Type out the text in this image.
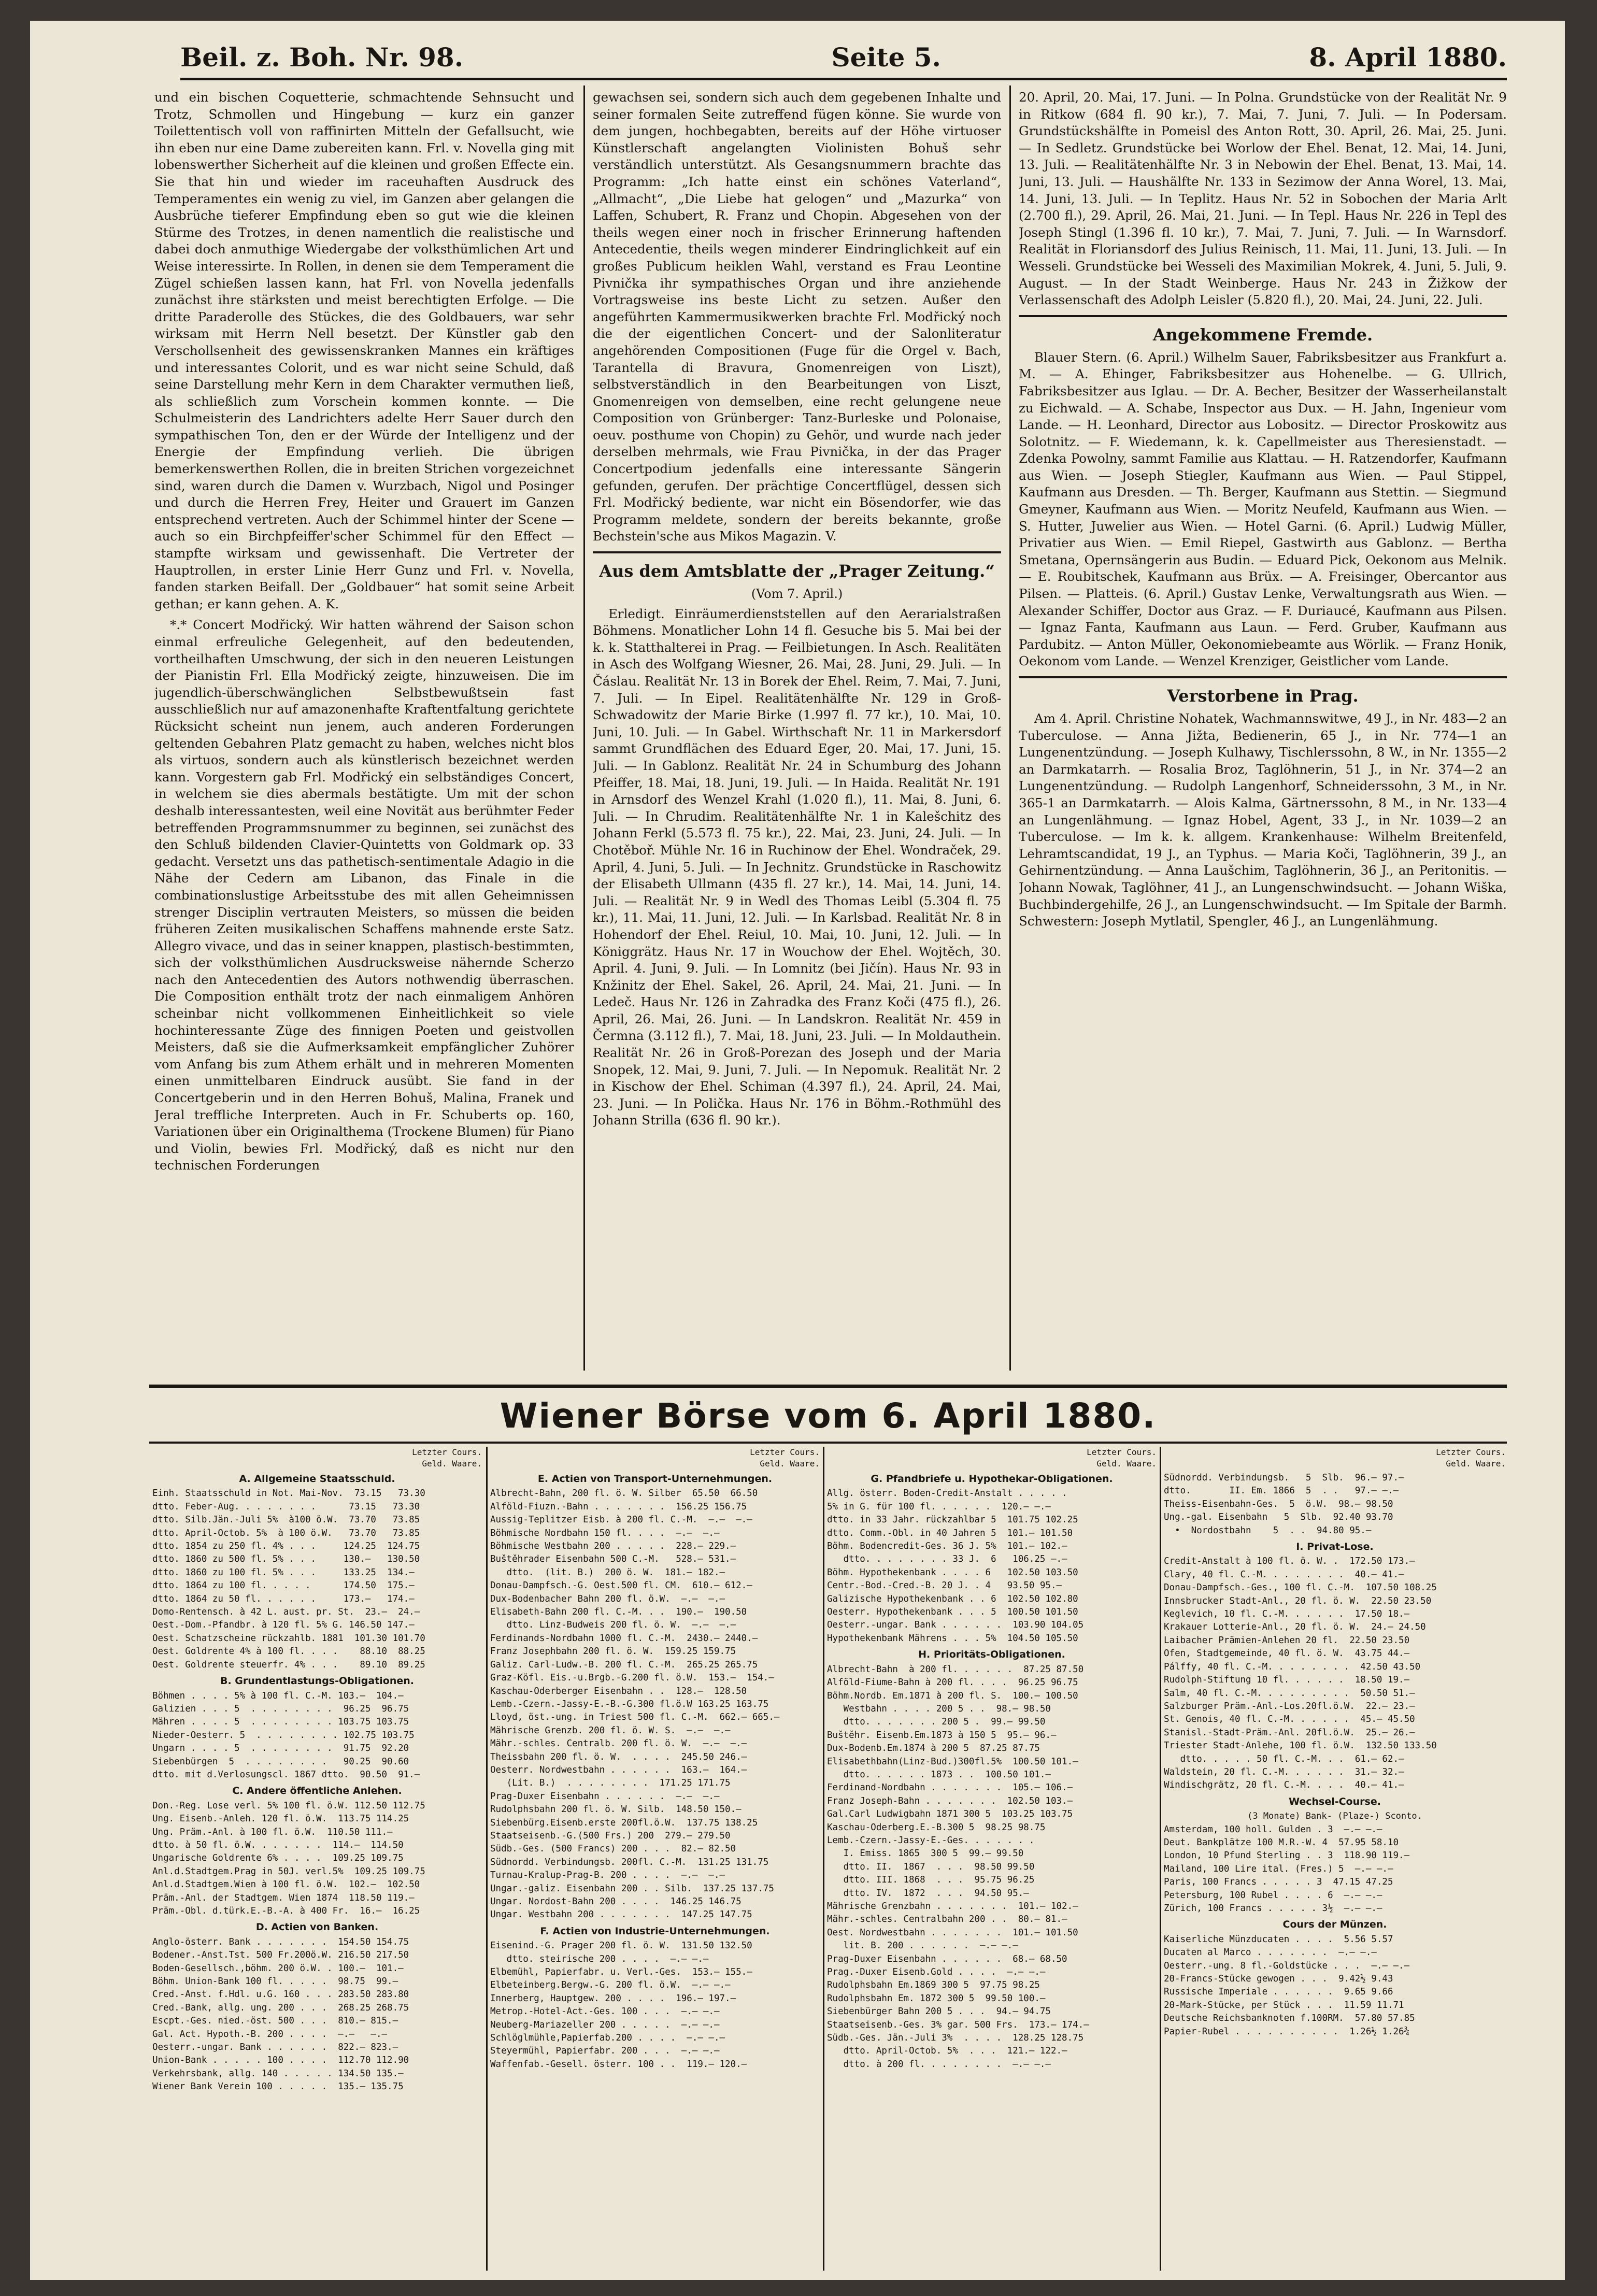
Beil. z. Boh. Nr. 98.	Seite 5.	8. April 1880.

und ein bischen Coquetterie, schmachtende Sehnsucht und Trotz, Schmollen und Hingebung — kurz ein ganzer Toilettentisch voll von raffinirten Mitteln der Gefallsucht, wie ihn eben nur eine Dame zubereiten kann. Frl. v. Novella ging mit lobenswerther Sicherheit auf die kleinen und großen Effecte ein. Sie that hin und wieder im raceuhaften Ausdruck des Temperamentes ein wenig zu viel, im Ganzen aber gelangen die Ausbrüche tieferer Empfindung eben so gut wie die kleinen Stürme des Trotzes, in denen namentlich die realistische und dabei doch anmuthige Wiedergabe der volksthümlichen Art und Weise interessirte. In Rollen, in denen sie dem Temperament die Zügel schießen lassen kann, hat Frl. von Novella jedenfalls zunächst ihre stärksten und meist berechtigten Erfolge. — Die dritte Paraderolle des Stückes, die des Goldbauers, war sehr wirksam mit Herrn Nell besetzt. Der Künstler gab den Verschollsenheit des gewissenskranken Mannes ein kräftiges und interessantes Colorit, und es war nicht seine Schuld, daß seine Darstellung mehr Kern in dem Charakter vermuthen ließ, als schließlich zum Vorschein kommen konnte. — Die Schulmeisterin des Landrichters adelte Herr Sauer durch den sympathischen Ton, den er der Würde der Intelligenz und der Energie der Empfindung verlieh. Die übrigen bemerkenswerthen Rollen, die in breiten Strichen vorgezeichnet sind, waren durch die Damen v. Wurzbach, Nigol und Posinger und durch die Herren Frey, Heiter und Grauert im Ganzen entsprechend vertreten. Auch der Schimmel hinter der Scene — auch so ein Birchpfeiffer'scher Schimmel für den Effect — stampfte wirksam und gewissenhaft. Die Vertreter der Hauptrollen, in erster Linie Herr Gunz und Frl. v. Novella, fanden starken Beifall. Der „Goldbauer“ hat somit seine Arbeit gethan; er kann gehen. A. K.

*.* Concert Modřický. Wir hatten während der Saison schon einmal erfreuliche Gelegenheit, auf den bedeutenden, vortheilhaften Umschwung, der sich in den neueren Leistungen der Pianistin Frl. Ella Modřický zeigte, hinzuweisen. Die im jugendlich-überschwänglichen Selbstbewußtsein fast ausschließlich nur auf amazonenhafte Kraftentfaltung gerichtete Rücksicht scheint nun jenem, auch anderen Forderungen geltenden Gebahren Platz gemacht zu haben, welches nicht blos als virtuos, sondern auch als künstlerisch bezeichnet werden kann. Vorgestern gab Frl. Modřický ein selbständiges Concert, in welchem sie dies abermals bestätigte. Um mit der schon deshalb interessantesten, weil eine Novität aus berühmter Feder betreffenden Programmsnummer zu beginnen, sei zunächst des den Schluß bildenden Clavier-Quintetts von Goldmark op. 33 gedacht. Versetzt uns das pathetisch-sentimentale Adagio in die Nähe der Cedern am Libanon, das Finale in die combinationslustige Arbeitsstube des mit allen Geheimnissen strenger Disciplin vertrauten Meisters, so müssen die beiden früheren Zeiten musikalischen Schaffens mahnende erste Satz. Allegro vivace, und das in seiner knappen, plastisch-bestimmten, sich der volksthümlichen Ausdrucksweise nähernde Scherzo nach den Antecedentien des Autors nothwendig überraschen. Die Composition enthält trotz der nach einmaligem Anhören scheinbar nicht vollkommenen Einheitlichkeit so viele hochinteressante Züge des finnigen Poeten und geistvollen Meisters, daß sie die Aufmerksamkeit empfänglicher Zuhörer vom Anfang bis zum Athem erhält und in mehreren Momenten einen unmittelbaren Eindruck ausübt. Sie fand in der Concertgeberin und in den Herren Bohuš, Malina, Franek und Jeral treffliche Interpreten. Auch in Fr. Schuberts op. 160, Variationen über ein Originalthema (Trockene Blumen) für Piano und Violin, bewies Frl. Modřický, daß es nicht nur den technischen Forderungen

gewachsen sei, sondern sich auch dem gegebenen Inhalte und seiner formalen Seite zutreffend fügen könne. Sie wurde von dem jungen, hochbegabten, bereits auf der Höhe virtuoser Künstlerschaft angelangten Violinisten Bohuš sehr verständlich unterstützt. Als Gesangsnummern brachte das Programm: „Ich hatte einst ein schönes Vaterland“, „Allmacht“, „Die Liebe hat gelogen“ und „Mazurka“ von Laffen, Schubert, R. Franz und Chopin. Abgesehen von der theils wegen einer noch in frischer Erinnerung haftenden Antecedentie, theils wegen minderer Eindringlichkeit auf ein großes Publicum heiklen Wahl, verstand es Frau Leontine Pivnička ihr sympathisches Organ und ihre anziehende Vortragsweise ins beste Licht zu setzen. Außer den angeführten Kammermusikwerken brachte Frl. Modřický noch die der eigentlichen Concert- und der Salonliteratur angehörenden Compositionen (Fuge für die Orgel v. Bach, Tarantella di Bravura, Gnomenreigen von Liszt), selbstverständlich in den Bearbeitungen von Liszt, Gnomenreigen von demselben, eine recht gelungene neue Composition von Grünberger: Tanz-Burleske und Polonaise, oeuv. posthume von Chopin) zu Gehör, und wurde nach jeder derselben mehrmals, wie Frau Pivnička, in der das Prager Concertpodium jedenfalls eine interessante Sängerin gefunden, gerufen. Der prächtige Concertflügel, dessen sich Frl. Modřický bediente, war nicht ein Bösendorfer, wie das Programm meldete, sondern der bereits bekannte, große Bechstein'sche aus Mikos Magazin. V.

Aus dem Amtsblatte der „Prager Zeitung.“
(Vom 7. April.)

Erledigt. Einräumerdienststellen auf den Aerarialstraßen Böhmens. Monatlicher Lohn 14 fl. Gesuche bis 5. Mai bei der k. k. Statthalterei in Prag. — Feilbietungen. In Asch. Realitäten in Asch des Wolfgang Wiesner, 26. Mai, 28. Juni, 29. Juli. — In Čáslau. Realität Nr. 13 in Borek der Ehel. Reim, 7. Mai, 7. Juni, 7. Juli. — In Eipel. Realitätenhälfte Nr. 129 in Groß-Schwadowitz der Marie Birke (1.997 fl. 77 kr.), 10. Mai, 10. Juni, 10. Juli. — In Gabel. Wirthschaft Nr. 11 in Markersdorf sammt Grundflächen des Eduard Eger, 20. Mai, 17. Juni, 15. Juli. — In Gablonz. Realität Nr. 24 in Schumburg des Johann Pfeiffer, 18. Mai, 18. Juni, 19. Juli. — In Haida. Realität Nr. 191 in Arnsdorf des Wenzel Krahl (1.020 fl.), 11. Mai, 8. Juni, 6. Juli. — In Chrudim. Realitätenhälfte Nr. 1 in Kalešchitz des Johann Ferkl (5.573 fl. 75 kr.), 22. Mai, 23. Juni, 24. Juli. — In Chotěboř. Mühle Nr. 16 in Ruchinow der Ehel. Wondraček, 29. April, 4. Juni, 5. Juli. — In Jechnitz. Grundstücke in Raschowitz der Elisabeth Ullmann (435 fl. 27 kr.), 14. Mai, 14. Juni, 14. Juli. — Realität Nr. 9 in Wedl des Thomas Leibl (5.304 fl. 75 kr.), 11. Mai, 11. Juni, 12. Juli. — In Karlsbad. Realität Nr. 8 in Hohendorf der Ehel. Reiul, 10. Mai, 10. Juni, 12. Juli. — In Königgrätz. Haus Nr. 17 in Wouchow der Ehel. Wojtěch, 30. April. 4. Juni, 9. Juli. — In Lomnitz (bei Jičín). Haus Nr. 93 in Knžinitz der Ehel. Sakel, 26. April, 24. Mai, 21. Juni. — In Ledeč. Haus Nr. 126 in Zahradka des Franz Koči (475 fl.), 26. April, 26. Mai, 26. Juni. — In Landskron. Realität Nr. 459 in Čermna (3.112 fl.), 7. Mai, 18. Juni, 23. Juli. — In Moldauthein. Realität Nr. 26 in Groß-Porezan des Joseph und der Maria Snopek, 12. Mai, 9. Juni, 7. Juli. — In Nepomuk. Realität Nr. 2 in Kischow der Ehel. Schiman (4.397 fl.), 24. April, 24. Mai, 23. Juni. — In Polička. Haus Nr. 176 in Böhm.-Rothmühl des Johann Strilla (636 fl. 90 kr.).

20. April, 20. Mai, 17. Juni. — In Polna. Grundstücke von der Realität Nr. 9 in Ritkow (684 fl. 90 kr.), 7. Mai, 7. Juni, 7. Juli. — In Podersam. Grundstückshälfte in Pomeisl des Anton Rott, 30. April, 26. Mai, 25. Juni. — In Sedletz. Grundstücke bei Worlow der Ehel. Benat, 12. Mai, 14. Juni, 13. Juli. — Realitätenhälfte Nr. 3 in Nebowin der Ehel. Benat, 13. Mai, 14. Juni, 13. Juli. — Haushälfte Nr. 133 in Sezimow der Anna Worel, 13. Mai, 14. Juni, 13. Juli. — In Teplitz. Haus Nr. 52 in Sobochen der Maria Arlt (2.700 fl.), 29. April, 26. Mai, 21. Juni. — In Tepl. Haus Nr. 226 in Tepl des Joseph Stingl (1.396 fl. 10 kr.), 7. Mai, 7. Juni, 7. Juli. — In Warnsdorf. Realität in Floriansdorf des Julius Reinisch, 11. Mai, 11. Juni, 13. Juli. — In Wesseli. Grundstücke bei Wesseli des Maximilian Mokrek, 4. Juni, 5. Juli, 9. August. — In der Stadt Weinberge. Haus Nr. 243 in Žižkow der Verlassenschaft des Adolph Leisler (5.820 fl.), 20. Mai, 24. Juni, 22. Juli.

Angekommene Fremde.

Blauer Stern. (6. April.) Wilhelm Sauer, Fabriksbesitzer aus Frankfurt a. M. — A. Ehinger, Fabriksbesitzer aus Hohenelbe. — G. Ullrich, Fabriksbesitzer aus Iglau. — Dr. A. Becher, Besitzer der Wasserheilanstalt zu Eichwald. — A. Schabe, Inspector aus Dux. — H. Jahn, Ingenieur vom Lande. — H. Leonhard, Director aus Lobositz. — Director Proskowitz aus Solotnitz. — F. Wiedemann, k. k. Capellmeister aus Theresienstadt. — Zdenka Powolny, sammt Familie aus Klattau. — H. Ratzendorfer, Kaufmann aus Wien. — Joseph Stiegler, Kaufmann aus Wien. — Paul Stippel, Kaufmann aus Dresden. — Th. Berger, Kaufmann aus Stettin. — Siegmund Gmeyner, Kaufmann aus Wien. — Moritz Neufeld, Kaufmann aus Wien. — S. Hutter, Juwelier aus Wien. — Hotel Garni. (6. April.) Ludwig Müller, Privatier aus Wien. — Emil Riepel, Gastwirth aus Gablonz. — Bertha Smetana, Opernsängerin aus Budin. — Eduard Pick, Oekonom aus Melnik. — E. Roubitschek, Kaufmann aus Brüx. — A. Freisinger, Obercantor aus Pilsen. — Platteis. (6. April.) Gustav Lenke, Verwaltungsrath aus Wien. — Alexander Schiffer, Doctor aus Graz. — F. Duriaucé, Kaufmann aus Pilsen. — Ignaz Fanta, Kaufmann aus Laun. — Ferd. Gruber, Kaufmann aus Pardubitz. — Anton Müller, Oekonomiebeamte aus Wörlik. — Franz Honik, Oekonom vom Lande. — Wenzel Krenziger, Geistlicher vom Lande.

Verstorbene in Prag.

Am 4. April. Christine Nohatek, Wachmannswitwe, 49 J., in Nr. 483—2 an Tuberculose. — Anna Jižta, Bedienerin, 65 J., in Nr. 774—1 an Lungenentzündung. — Joseph Kulhawy, Tischlerssohn, 8 W., in Nr. 1355—2 an Darmkatarrh. — Rosalia Broz, Taglöhnerin, 51 J., in Nr. 374—2 an Lungenentzündung. — Rudolph Langenhorf, Schneiderssohn, 3 M., in Nr. 365-1 an Darmkatarrh. — Alois Kalma, Gärtnerssohn, 8 M., in Nr. 133—4 an Lungenlähmung. — Ignaz Hobel, Agent, 33 J., in Nr. 1039—2 an Tuberculose. — Im k. k. allgem. Krankenhause: Wilhelm Breitenfeld, Lehramtscandidat, 19 J., an Typhus. — Maria Koči, Taglöhnerin, 39 J., an Gehirnentzündung. — Anna Laušchim, Taglöhnerin, 36 J., an Peritonitis. — Johann Nowak, Taglöhner, 41 J., an Lungenschwindsucht. — Johann Wiška, Buchbindergehilfe, 26 J., an Lungenschwindsucht. — Im Spitale der Barmh. Schwestern: Joseph Mytlatil, Spengler, 46 J., an Lungenlähmung.

Wiener Börse vom 6. April 1880.
Letzter Cours.
Geld. Waare.
A. Allgemeine Staatsschuld.
Einh. Staatsschuld in Not. Mai-Nov.  73.15   73.30
dtto. Feber-Aug. . . . . . . .      73.15   73.30
dtto. Silb.Jän.-Juli 5%  à100 ö.W.  73.70   73.85
dtto. April-Octob. 5%  à 100 ö.W.   73.70   73.85
dtto. 1854 zu 250 fl. 4% . . .     124.25  124.75
dtto. 1860 zu 500 fl. 5% . . .     130.—   130.50
dtto. 1860 zu 100 fl. 5% . . .     133.25  134.—
dtto. 1864 zu 100 fl. . . . .      174.50  175.—
dtto. 1864 zu 50 fl. . . . . .     173.—   174.—
Domo-Rentensch. à 42 L. aust. pr. St.  23.—  24.—
Oest.-Dom.-Pfandbr. à 120 fl. 5% G. 146.50 147.—
Oest. Schatzscheine rückzahlb. 1881  101.30 101.70
Oest. Goldrente 4% à 100 fl. . . .    88.10  88.25
Oest. Goldrente steuerfr. 4% . . .    89.10  89.25
B. Grundentlastungs-Obligationen.
Böhmen . . . . 5% à 100 fl. C.-M. 103.—  104.—
Galizien . . . 5  . . . . . . . .  96.25  96.75
Mähren . . . . 5  . . . . . . . . 103.75 103.75
Nieder-Oesterr. 5  . . . . . . . . 102.75 103.75
Ungarn . . . . 5  . . . . . . . .  91.75  92.20
Siebenbürgen  5  . . . . . . . .   90.25  90.60
dtto. mit d.Verlosungscl. 1867 dtto.  90.50  91.—
C. Andere öffentliche Anlehen.
Don.-Reg. Lose verl. 5% 100 fl. ö.W. 112.50 112.75
Ung. Eisenb.-Anleh. 120 fl. ö.W.  113.75 114.25
Ung. Präm.-Anl. à 100 fl. ö.W.  110.50 111.—
dtto. à 50 fl. ö.W. . . . . . .  114.—  114.50
Ungarische Goldrente 6% . . . .  109.25 109.75
Anl.d.Stadtgem.Prag in 50J. verl.5%  109.25 109.75
Anl.d.Stadtgem.Wien à 100 fl. ö.W.  102.—  102.50
Präm.-Anl. der Stadtgem. Wien 1874  118.50 119.—
Präm.-Obl. d.türk.E.-B.-A. à 400 Fr.  16.—  16.25
D. Actien von Banken.
Anglo-österr. Bank . . . . . . .  154.50 154.75
Bodener.-Anst.Tst. 500 Fr.200ö.W. 216.50 217.50
Boden-Gesellsch.,böhm. 200 ö.W. . 100.—  101.—
Böhm. Union-Bank 100 fl. . . . .  98.75  99.—
Cred.-Anst. f.Hdl. u.G. 160 . . . 283.50 283.80
Cred.-Bank, allg. ung. 200 . . .  268.25 268.75
Escpt.-Ges. nied.-öst. 500 . . .  810.— 815.—
Gal. Act. Hypoth.-B. 200 . . . .  —.—   —.—
Oesterr.-ungar. Bank . . . . . .  822.— 823.—
Union-Bank . . . . . 100 . . . .  112.70 112.90
Verkehrsbank, allg. 140 . . . . . 134.50 135.—
Wiener Bank Verein 100 . . . . .  135.— 135.75
Letzter Cours.
Geld. Waare.
E. Actien von Transport-Unternehmungen.
Albrecht-Bahn, 200 fl. ö. W. Silber  65.50  66.50
Alföld-Fiuzn.-Bahn . . . . . . .  156.25 156.75
Aussig-Teplitzer Eisb. à 200 fl. C.-M.  —.—  —.—
Böhmische Nordbahn 150 fl. . . .  —.—  —.—
Böhmische Westbahn 200 . . . . .  228.— 229.—
Buštěhrader Eisenbahn 500 C.-M.   528.— 531.—
dtto.  (lit. B.)  200 ö. W.  181.— 182.—
Donau-Dampfsch.-G. Oest.500 fl. CM.  610.— 612.—
Dux-Bodenbacher Bahn 200 fl. ö.W.  —.—  —.—
Elisabeth-Bahn 200 fl. C.-M. . .  190.—  190.50
dtto. Linz-Budweis 200 fl. ö. W.  —.—  —.—
Ferdinands-Nordbahn 1000 fl. C.-M.  2430.— 2440.—
Franz Josephbahn 200 fl. ö. W.  159.25 159.75
Galiz. Carl-Ludw.-B. 200 fl. C.-M.  265.25 265.75
Graz-Köfl. Eis.-u.Brgb.-G.200 fl. ö.W.  153.—  154.—
Kaschau-Oderberger Eisenbahn . .  128.—  128.50
Lemb.-Czern.-Jassy-E.-B.-G.300 fl.ö.W 163.25 163.75
Lloyd, öst.-ung. in Triest 500 fl. C.-M.  662.— 665.—
Mährische Grenzb. 200 fl. ö. W. S.  —.—  —.—
Mähr.-schles. Centralb. 200 fl. ö. W.  —.—  —.—
Theissbahn 200 fl. ö. W.  . . . .  245.50 246.—
Oesterr. Nordwestbahn . . . . . .  163.—  164.—
(Lit. B.)  . . . . . . . .  171.25 171.75
Prag-Duxer Eisenbahn . . . . . .  —.—  —.—
Rudolphsbahn 200 fl. ö. W. Silb.  148.50 150.—
Siebenbürg.Eisenb.erste 200fl.ö.W.  137.75 138.25
Staatseisenb.-G.(500 Frs.) 200  279.— 279.50
Südb.-Ges. (500 Francs) 200 . . .  82.— 82.50
Südnordd. Verbindungsb. 200fl. C.-M.  131.25 131.75
Turnau-Kralup-Prag-B. 200 . . . .  —.—  —.—
Ungar.-galiz. Eisenbahn 200 . . Silb.  137.25 137.75
Ungar. Nordost-Bahn 200 . . . .  146.25 146.75
Ungar. Westbahn 200 . . . . . . .  147.25 147.75
F. Actien von Industrie-Unternehmungen.
Eisenind.-G. Prager 200 fl. ö. W.  131.50 132.50
dtto. steirische 200 . . . .  —.— —.—
Elbemühl, Papierfabr. u. Verl.-Ges.  153.— 155.—
Elbeteinberg.Bergw.-G. 200 fl. ö.W.  —.— —.—
Innerberg, Hauptgew. 200 . . . .  196.— 197.—
Metrop.-Hotel-Act.-Ges. 100 . . .  —.— —.—
Neuberg-Mariazeller 200 . . . . .  —.— —.—
Schlöglmühle,Papierfab.200 . . . .  —.— —.—
Steyermühl, Papierfabr. 200 . . .  —.— —.—
Waffenfab.-Gesell. österr. 100 . .  119.— 120.—
Letzter Cours.
Geld. Waare.
G. Pfandbriefe u. Hypothekar-Obligationen.
Allg. österr. Boden-Credit-Anstalt . . . . .
5% in G. für 100 fl. . . . . .  120.— —.—
dtto. in 33 Jahr. rückzahlbar 5  101.75 102.25
dtto. Comm.-Obl. in 40 Jahren 5  101.— 101.50
Böhm. Bodencredit-Ges. 36 J. 5%  101.— 102.—
dtto. . . . . . . . 33 J.  6   106.25 —.—
Böhm. Hypothekenbank . . . . 6   102.50 103.50
Centr.-Bod.-Cred.-B. 20 J. . 4   93.50 95.—
Galizische Hypothekenbank . . 6  102.50 102.80
Oesterr. Hypothekenbank . . . 5  100.50 101.50
Oesterr.-ungar. Bank . . . . . .  103.90 104.05
Hypothekenbank Mährens . . . 5%  104.50 105.50
H. Prioritäts-Obligationen.
Albrecht-Bahn  à 200 fl. . . . . .  87.25 87.50
Alföld-Fiume-Bahn à 200 fl. . . .  96.25 96.75
Böhm.Nordb. Em.1871 à 200 fl. S.  100.— 100.50
Westbahn . . . . 200 5 . .  98.— 98.50
dtto. . . . . . . 200 5 .  99.— 99.50
Buštěhr. Eisenb.Em.1873 à 150 5  95.— 96.—
Dux-Bodenb.Em.1874 à 200 5  87.25 87.75
Elisabethbahn(Linz-Bud.)300fl.5%  100.50 101.—
dtto. . . . . . 1873 . .  100.50 101.—
Ferdinand-Nordbahn . . . . . . .  105.— 106.—
Franz Joseph-Bahn . . . . . . .  102.50 103.—
Gal.Carl Ludwigbahn 1871 300 5  103.25 103.75
Kaschau-Oderberg.E.-B.300 5  98.25 98.75
Lemb.-Czern.-Jassy-E.-Ges. . . . . . .
I. Emiss. 1865  300 5  99.— 99.50
dtto. II.  1867  . . .  98.50 99.50
dtto. III. 1868  . . .  95.75 96.25
dtto. IV.  1872  . . .  94.50 95.—
Mährische Grenzbahn . . . . . . .  101.— 102.—
Mähr.-schles. Centralbahn 200 . .  80.— 81.—
Oest. Nordwestbahn . . . . . . .  101.— 101.50
lit. B. 200 . . . . . .  —.— —.—
Prag-Duxer Eisenbahn . . . . . .  68.— 68.50
Prag.-Duxer Eisenb.Gold . . . .  —.— —.—
Rudolphsbahn Em.1869 300 5  97.75 98.25
Rudolphsbahn Em. 1872 300 5  99.50 100.—
Siebenbürger Bahn 200 5 . . .  94.— 94.75
Staatseisenb.-Ges. 3% gar. 500 Frs.  173.— 174.—
Südb.-Ges. Jän.-Juli 3%  . . . .  128.25 128.75
dtto. April-Octob. 5%  . . .  121.— 122.—
dtto. à 200 fl. . . . . . . .  —.— —.—
Letzter Cours.
Geld. Waare.
Südnordd. Verbindungsb.   5  Slb.  96.— 97.—
dtto.       II. Em. 1866  5  . .   97.— —.—
Theiss-Eisenbahn-Ges.  5  ö.W.  98.— 98.50
Ung.-gal. Eisenbahn   5  Slb.  92.40 93.70
•  Nordostbahn    5  . .  94.80 95.—
I. Privat-Lose.
Credit-Anstalt à 100 fl. ö. W. .  172.50 173.—
Clary, 40 fl. C.-M. . . . . . . .  40.— 41.—
Donau-Dampfsch.-Ges., 100 fl. C.-M.  107.50 108.25
Innsbrucker Stadt-Anl., 20 fl. ö. W.  22.50 23.50
Keglevich, 10 fl. C.-M. . . . . .  17.50 18.—
Krakauer Lotterie-Anl., 20 fl. ö. W.  24.— 24.50
Laibacher Prämien-Anlehen 20 fl.  22.50 23.50
Ofen, Stadtgemeinde, 40 fl. ö. W.  43.75 44.—
Pálffy, 40 fl. C.-M. . . . . . . .  42.50 43.50
Rudolph-Stiftung 10 fl. . . . . .  18.50 19.—
Salm, 40 fl. C.-M. . . . . . . . .  50.50 51.—
Salzburger Präm.-Anl.-Los.20fl.ö.W.  22.— 23.—
St. Genois, 40 fl. C.-M. . . . . .  45.— 45.50
Stanisl.-Stadt-Präm.-Anl. 20fl.ö.W.  25.— 26.—
Triester Stadt-Anlehe, 100 fl. ö.W.  132.50 133.50
dtto. . . . . 50 fl. C.-M. . .  61.— 62.—
Waldstein, 20 fl. C.-M. . . . . .  31.— 32.—
Windischgrätz, 20 fl. C.-M. . . .  40.— 41.—
Wechsel-Course.
(3 Monate) Bank- (Plaze-) Sconto.
Amsterdam, 100 holl. Gulden . 3  —.— —.—
Deut. Bankplätze 100 M.R.-W. 4  57.95 58.10
London, 10 Pfund Sterling . . 3  118.90 119.—
Mailand, 100 Lire ital. (Fres.) 5  —.— —.—
Paris, 100 Francs . . . . . 3  47.15 47.25
Petersburg, 100 Rubel . . . . 6  —.— —.—
Zürich, 100 Francs . . . . . 3½  —.— —.—
Cours der Münzen.
Kaiserliche Münzducaten . . . .  5.56 5.57
Ducaten al Marco . . . . . . .  —.— —.—
Oesterr.-ung. 8 fl.-Goldstücke . . .  —.— —.—
20-Francs-Stücke gewogen . . .  9.42½ 9.43
Russische Imperiale . . . . . .  9.65 9.66
20-Mark-Stücke, per Stück . . .  11.59 11.71
Deutsche Reichsbanknoten f.100RM.  57.80 57.85
Papier-Rubel . . . . . . . . . .  1.26½ 1.26¾
